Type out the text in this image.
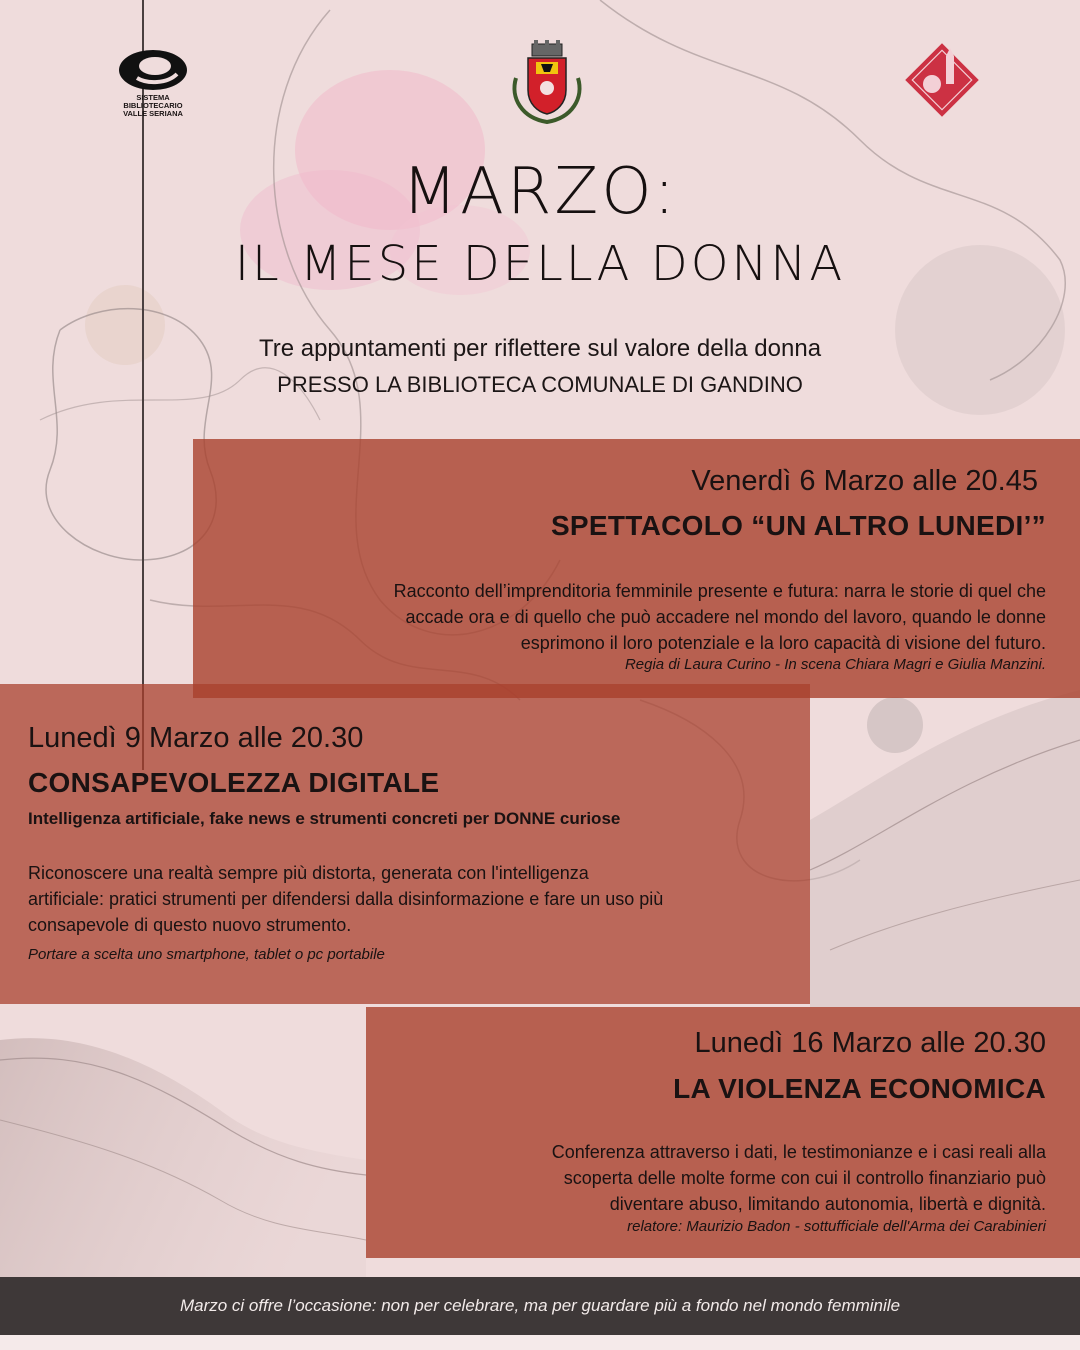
SISTEMA BIBLIOTECARIO
VALLE SERIANA
MARZO:
IL MESE DELLA DONNA
Tre appuntamenti per riflettere sul valore della donna
PRESSO LA BIBLIOTECA COMUNALE DI GANDINO
Venerdì 6 Marzo alle 20.45
SPETTACOLO “UN ALTRO LUNEDI’”
Racconto dell’imprenditoria femminile presente e futura: narra le storie di quel che
accade ora e di quello che può accadere nel mondo del lavoro, quando le donne
esprimono il loro potenziale e la loro capacità di visione del futuro.
Regia di Laura Curino - In scena Chiara Magri e Giulia Manzini.
Lunedì 9 Marzo alle 20.30
CONSAPEVOLEZZA DIGITALE
Intelligenza artificiale, fake news e strumenti concreti per DONNE curiose
Riconoscere una realtà sempre più distorta, generata con l'intelligenza
artificiale: pratici strumenti per difendersi dalla disinformazione e fare un uso più
consapevole di questo nuovo strumento.
Portare a scelta uno smartphone, tablet o pc portabile
Lunedì 16 Marzo alle 20.30
LA VIOLENZA ECONOMICA
Conferenza attraverso i dati, le testimonianze e i casi reali alla
scoperta delle molte forme con cui il controllo finanziario può
diventare abuso, limitando autonomia, libertà e dignità.
relatore: Maurizio Badon - sottufficiale dell'Arma dei Carabinieri
Marzo ci offre l’occasione: non per celebrare, ma per guardare più a fondo nel mondo femminile
